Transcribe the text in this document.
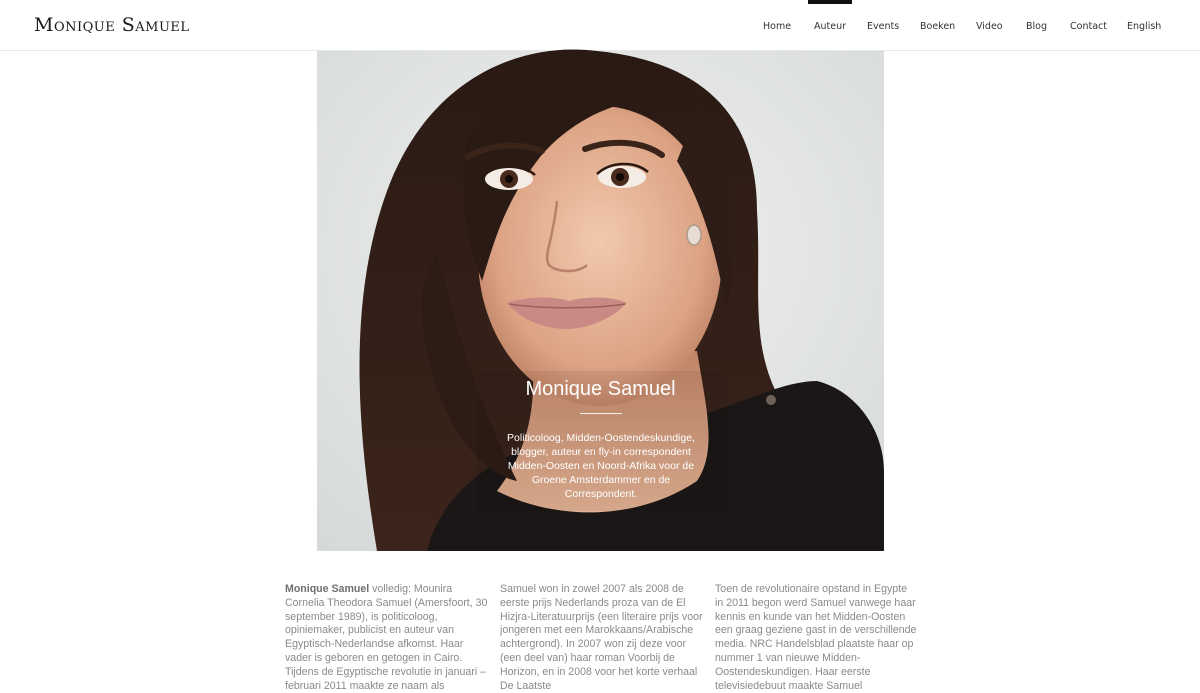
Monique Samuel	Home Auteur Events Boeken Video Blog Contact English
Monique Samuel
Politicoloog, Midden-Oostendeskundige, blogger, auteur en fly-in correspondent Midden-Oosten en Noord-Afrika voor de Groene Amsterdammer en de Correspondent.
Monique Samuel volledig: Mounira Cornelia Theodora Samuel (Amersfoort, 30 september 1989), is politicoloog, opiniemaker, publicist en auteur van Egyptisch-Nederlandse afkomst. Haar vader is geboren en getogen in Cairo. Tijdens de Egyptische revolutie in januari – februari 2011 maakte ze naam als
Samuel won in zowel 2007 als 2008 de eerste prijs Nederlands proza van de El Hizjra-Literatuurprijs (een literaire prijs voor jongeren met een Marokkaans/Arabische achtergrond). In 2007 won zij deze voor (een deel van) haar roman Voorbij de Horizon, en in 2008 voor het korte verhaal De Laatste
Toen de revolutionaire opstand in Egypte in 2011 begon werd Samuel vanwege haar kennis en kunde van het Midden-Oosten een graag geziene gast in de verschillende media. NRC Handelsblad plaatste haar op nummer 1 van nieuwe Midden-Oostendeskundigen. Haar eerste televisiedebuut maakte Samuel
